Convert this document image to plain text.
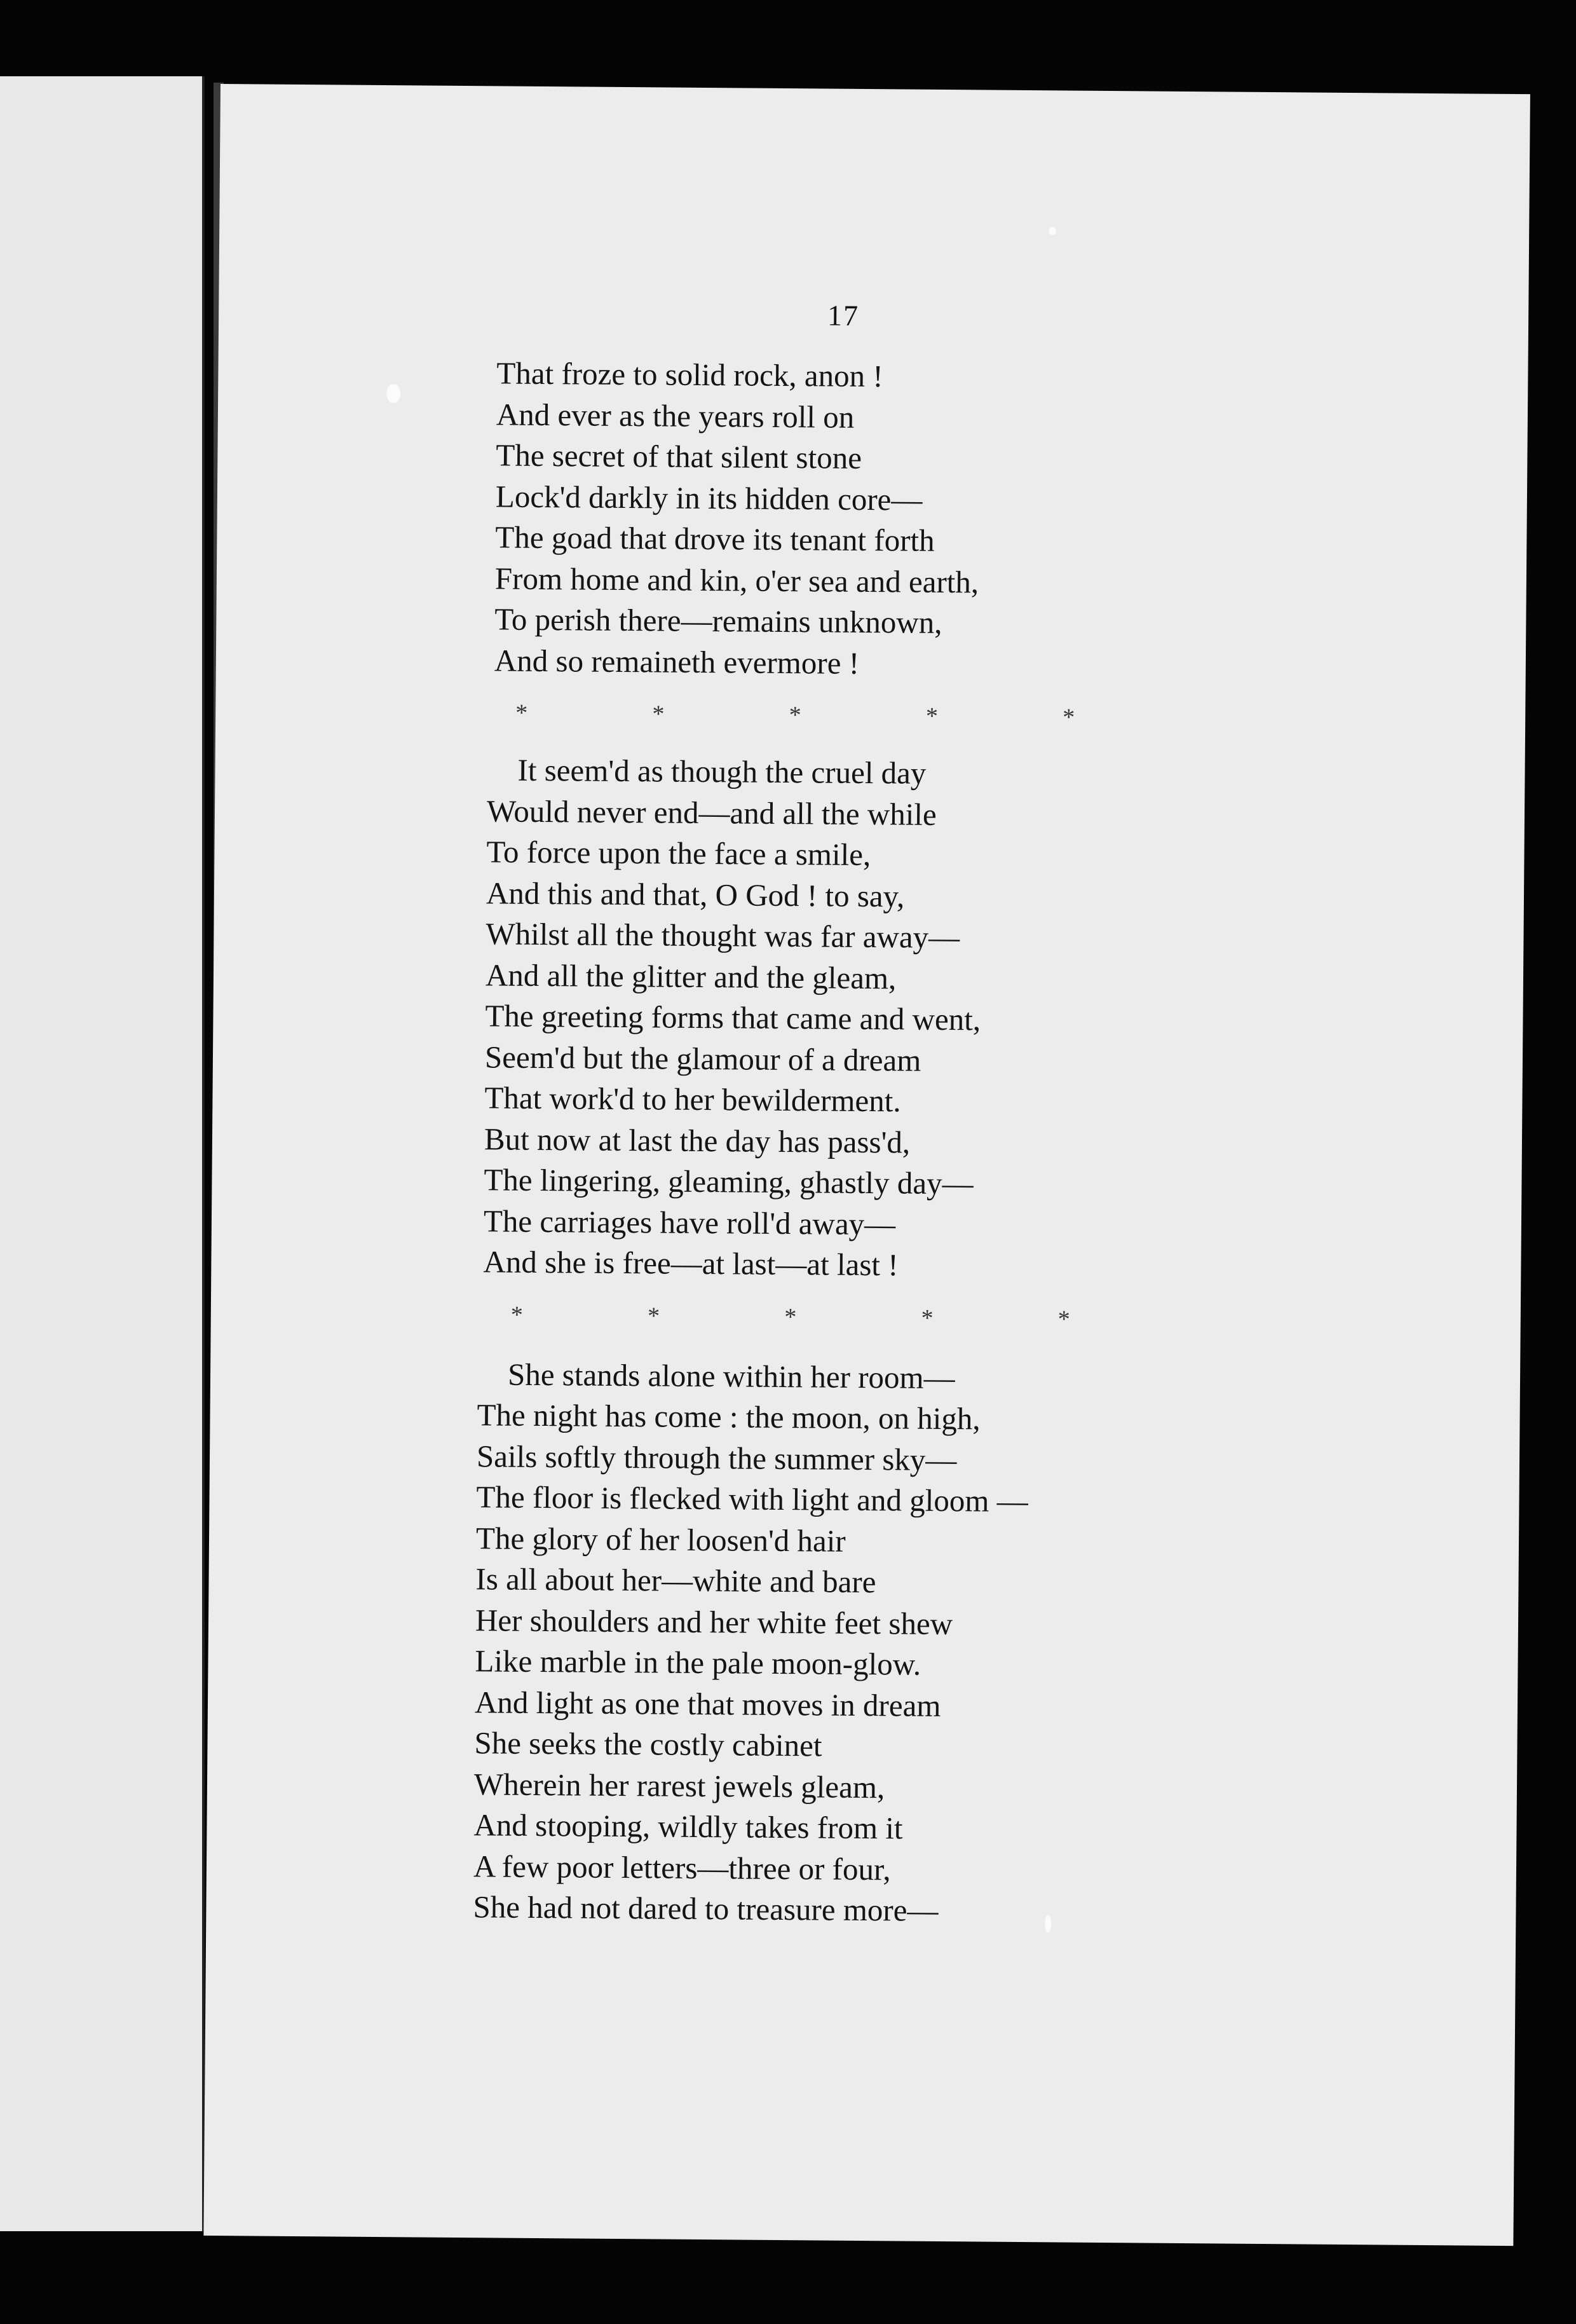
17
That froze to solid rock, anon !
And ever as the years roll on
The secret of that silent stone
Lock'd darkly in its hidden core—
The goad that drove its tenant forth
From home and kin, o'er sea and earth,
To perish there—remains unknown,
And so remaineth evermore !
*	*	*	*	*
It seem'd as though the cruel day
Would never end—and all the while
To force upon the face a smile,
And this and that, O God ! to say,
Whilst all the thought was far away—
And all the glitter and the gleam,
The greeting forms that came and went,
Seem'd but the glamour of a dream
That work'd to her bewilderment.
But now at last the day has pass'd,
The lingering, gleaming, ghastly day—
The carriages have roll'd away—
And she is free—at last—at last !
*	*	*	*	*
She stands alone within her room—
The night has come : the moon, on high,
Sails softly through the summer sky—
The floor is flecked with light and gloom —
The glory of her loosen'd hair
Is all about her—white and bare
Her shoulders and her white feet shew
Like marble in the pale moon-glow.
And light as one that moves in dream
She seeks the costly cabinet
Wherein her rarest jewels gleam,
And stooping, wildly takes from it
A few poor letters—three or four,
She had not dared to treasure more—
